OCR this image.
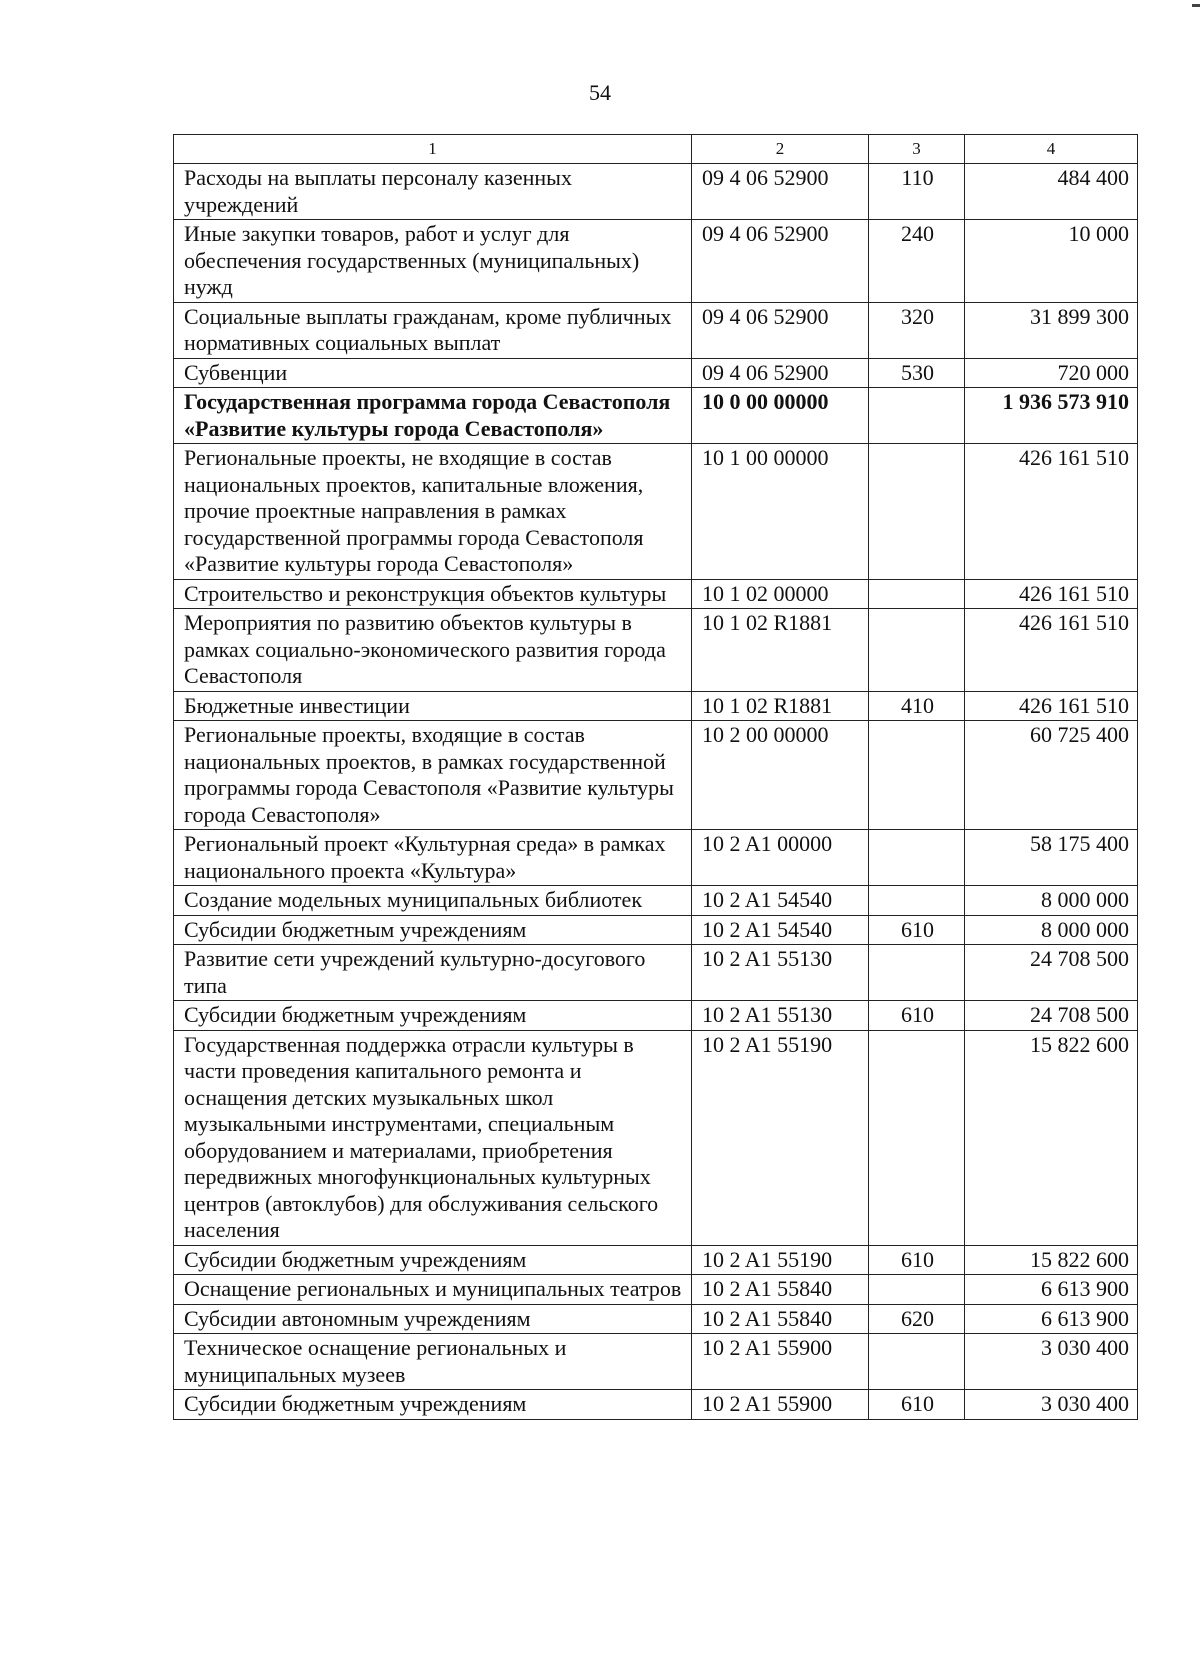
54
1	2	3	4
Расходы на выплаты персоналу казенных учреждений	09 4 06 52900	110	484 400
Иные закупки товаров, работ и услуг для обеспечения государственных (муниципальных) нужд	09 4 06 52900	240	10 000
Социальные выплаты гражданам, кроме публичных нормативных социальных выплат	09 4 06 52900	320	31 899 300
Субвенции	09 4 06 52900	530	720 000
Государственная программа города Севастополя «Развитие культуры города Севастополя»	10 0 00 00000		1 936 573 910
Региональные проекты, не входящие в состав национальных проектов, капитальные вложения, прочие проектные направления в рамках государственной программы города Севастополя «Развитие культуры города Севастополя»	10 1 00 00000		426 161 510
Строительство и реконструкция объектов культуры	10 1 02 00000		426 161 510
Мероприятия по развитию объектов культуры в рамках социально-экономического развития города Севастополя	10 1 02 R1881		426 161 510
Бюджетные инвестиции	10 1 02 R1881	410	426 161 510
Региональные проекты, входящие в состав национальных проектов, в рамках государственной программы города Севастополя «Развитие культуры города Севастополя»	10 2 00 00000		60 725 400
Региональный проект «Культурная среда» в рамках национального проекта «Культура»	10 2 A1 00000		58 175 400
Создание модельных муниципальных библиотек	10 2 A1 54540		8 000 000
Субсидии бюджетным учреждениям	10 2 A1 54540	610	8 000 000
Развитие сети учреждений культурно-досугового типа	10 2 A1 55130		24 708 500
Субсидии бюджетным учреждениям	10 2 A1 55130	610	24 708 500
Государственная поддержка отрасли культуры в части проведения капитального ремонта и оснащения детских музыкальных школ музыкальными инструментами, специальным оборудованием и материалами, приобретения передвижных многофункциональных культурных центров (автоклубов) для обслуживания сельского населения	10 2 A1 55190		15 822 600
Субсидии бюджетным учреждениям	10 2 A1 55190	610	15 822 600
Оснащение региональных и муниципальных театров	10 2 A1 55840		6 613 900
Субсидии автономным учреждениям	10 2 A1 55840	620	6 613 900
Техническое оснащение региональных и муниципальных музеев	10 2 A1 55900		3 030 400
Субсидии бюджетным учреждениям	10 2 A1 55900	610	3 030 400
